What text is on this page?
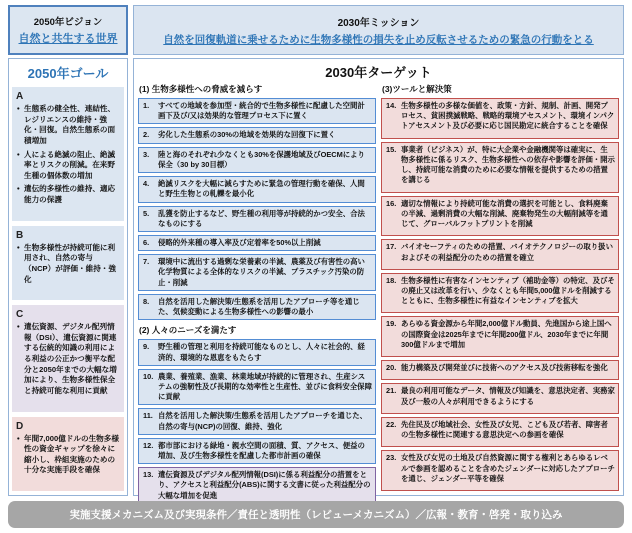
2050年ビジョン
自然と共生する世界
2030年ミッション
自然を回復軌道に乗せるために生物多様性の損失を止め反転させるための緊急の行動をとる
2050年ゴール
A
• 生態系の健全性、連結性、レジリエンスの維持・強化・回復。自然生態系の面積増加
• 人による絶滅の阻止、絶滅率とリスクの削減。在来野生種の個体数の増加
• 遺伝的多様性の維持、適応能力の保護
B
• 生物多様性が持続可能に利用され、自然の寄与（NCP）が評価・維持・強化
C
• 遺伝資源、デジタル配列情報（DSI）、遺伝資源に関連する伝統的知識の利用による利益の公正かつ衡平な配分と2050年までの大幅な増加により、生物多様性保全と持続可能な利用に貢献
D
• 年間7,000億ドルの生物多様性の資金ギャップを徐々に縮小し、枠組実施のための十分な実施手段を確保
2030年ターゲット
(1) 生物多様性への脅威を減らす
1.	すべての地域を参加型・統合的で生物多様性に配慮した空間計画下及び/又は効果的な管理プロセス下に置く
2.	劣化した生態系の30%の地域を効果的な回復下に置く
3.	陸と海のそれぞれ少なくとも30%を保護地域及びOECMにより保全（30 by 30目標）
4.	絶滅リスクを大幅に減らすために緊急の管理行動を確保、人間と野生生物との軋轢を最小化
5.	乱獲を防止するなど、野生種の利用等が持続的かつ安全、合法なものにする
6.	侵略的外来種の導入率及び定着率を50%以上削減
7.	環境中に流出する過剰な栄養素の半減、農薬及び有害性の高い化学物質による全体的なリスクの半減、プラスチック汚染の防止・削減
8.	自然を活用した解決策/生態系を活用したアプローチ等を通じた、気候変動による生物多様性への影響の最小
(2) 人々のニーズを満たす
9.	野生種の管理と利用を持続可能なものとし、人々に社会的、経済的、環境的な恩恵をもたらす
10. 農業、養殖業、漁業、林業地域が持続的に管理され、生産システムの強靭性及び長期的な効率性と生産性、並びに食料安全保障に貢献
11. 自然を活用した解決策/生態系を活用したアプローチを通じた、自然の寄与(NCP)の回復、維持、強化
12. 都市部における緑地・親水空間の面積、質、アクセス、便益の増加、及び生物多様性を配慮した都市計画の確保
13. 遺伝資源及びデジタル配列情報(DSI)に係る利益配分の措置をとり、アクセスと利益配分(ABS)に関する文書に従った利益配分の大幅な増加を促進
(3)ツールと解決策
14. 生物多様性の多様な価値を、政策・方針、規制、計画、開発プロセス、貧困撲滅戦略、戦略的環境アセスメント、環境インパクトアセスメント及び必要に応じ国民勘定に統合することを確保
15. 事業者（ビジネス）が、特に大企業や金融機関等は確実に、生物多様性に係るリスク、生物多様性への依存や影響を評価・開示し、持続可能な消費のために必要な情報を提供するための措置を講じる
16. 適切な情報により持続可能な消費の選択を可能とし、食料廃棄の半減、過剰消費の大幅な削減、廃棄物発生の大幅削減等を通じて、グローバルフットプリントを削減
17. バイオセーフティのための措置、バイオテクノロジーの取り扱いおよびその利益配分のための措置を確立
18. 生物多様性に有害なインセンティブ（補助金等）の特定、及びその廃止又は改革を行い、少なくとも年間5,000億ドルを削減するとともに、生物多様性に有益なインセンティブを拡大
19. あらゆる資金源から年間2,000億ドル動員、先進国から途上国への国際資金は2025年までに年間200億ドル、2030年までに年間300億ドルまで増加
20. 能力構築及び開発並びに技術へのアクセス及び技術移転を強化
21. 最良の利用可能なデータ、情報及び知識を、意思決定者、実務家及び一般の人々が利用できるようにする
22. 先住民及び地域社会、女性及び女児、こども及び若者、障害者の生物多様性に関連する意思決定への参画を確保
23. 女性及び女児の土地及び自然資源に関する権利とあらゆるレベルで参画を認めることを含めたジェンダーに対応したアプローチを通じ、ジェンダー平等を確保
実施支援メカニズム及び実現条件／責任と透明性（レビューメカニズム）／広報・教育・啓発・取り込み
